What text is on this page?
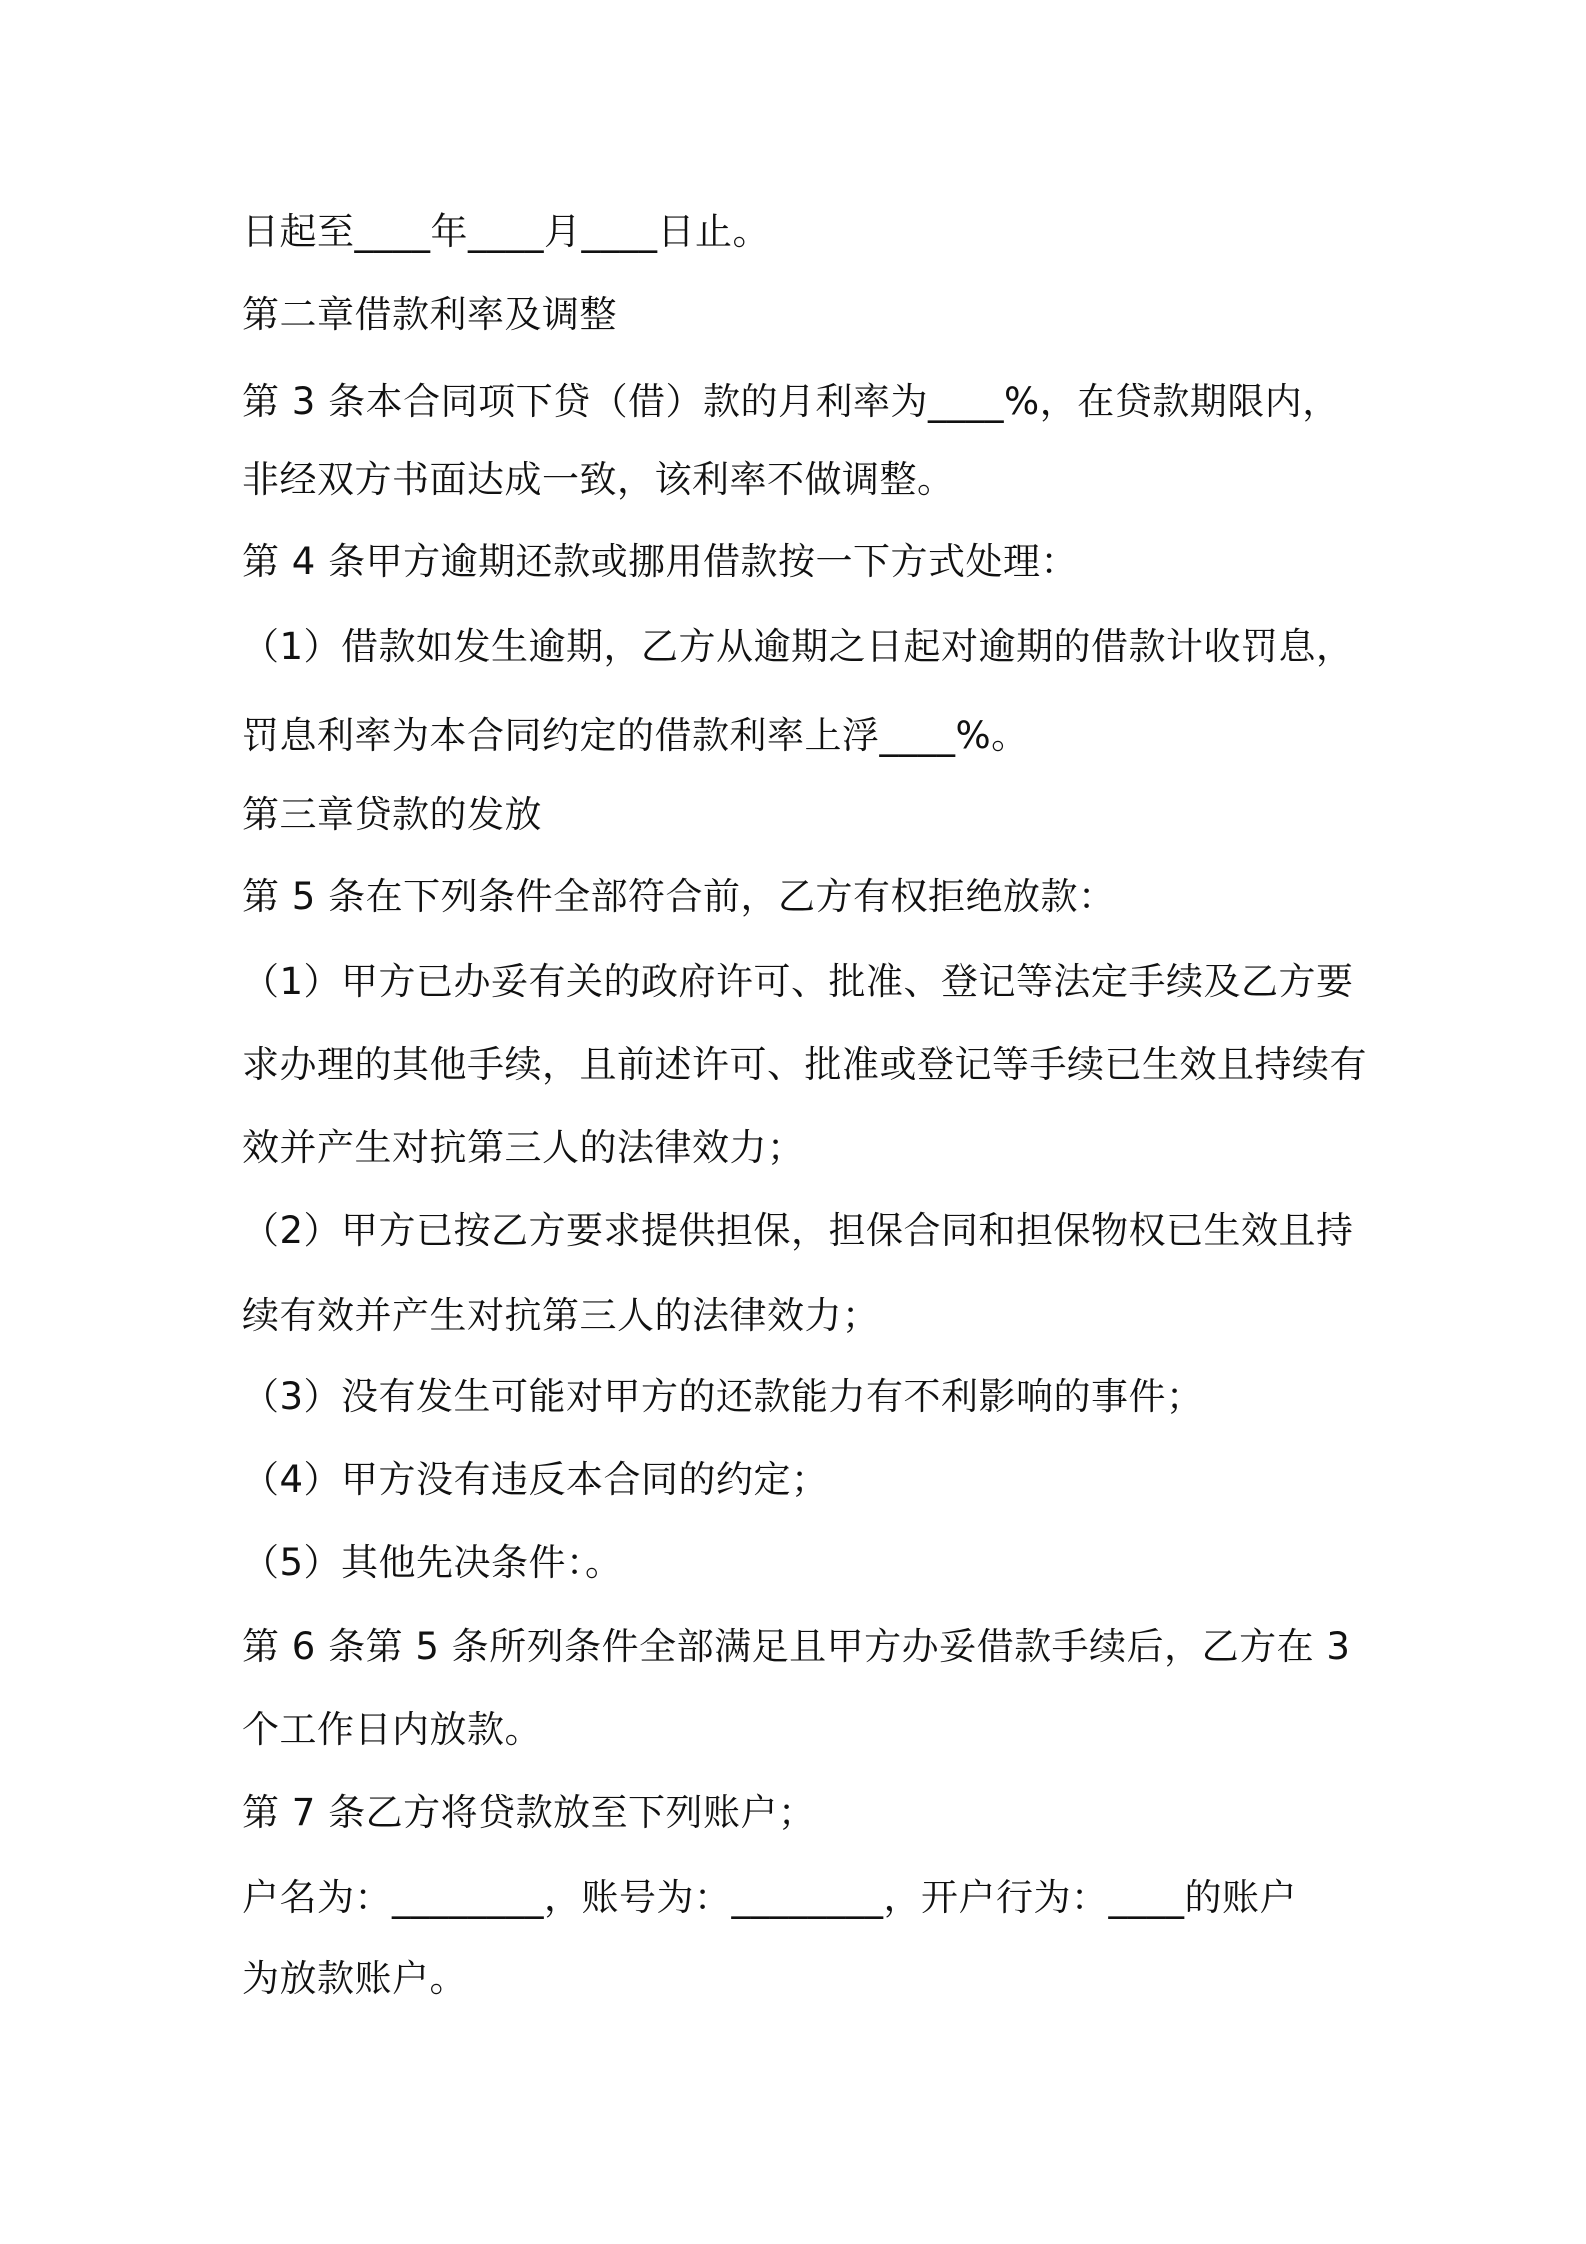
日起至____年____月____日止。

第二章借款利率及调整

第 3 条本合同项下贷（借）款的月利率为____%，在贷款期限内，

非经双方书面达成一致，该利率不做调整。

第 4 条甲方逾期还款或挪用借款按一下方式处理：

（1）借款如发生逾期，乙方从逾期之日起对逾期的借款计收罚息，

罚息利率为本合同约定的借款利率上浮____%。

第三章贷款的发放

第 5 条在下列条件全部符合前，乙方有权拒绝放款：

（1）甲方已办妥有关的政府许可、批准、登记等法定手续及乙方要

求办理的其他手续，且前述许可、批准或登记等手续已生效且持续有

效并产生对抗第三人的法律效力；

（2）甲方已按乙方要求提供担保，担保合同和担保物权已生效且持

续有效并产生对抗第三人的法律效力；

（3）没有发生可能对甲方的还款能力有不利影响的事件；

（4）甲方没有违反本合同的约定；

（5）其他先决条件：。

第 6 条第 5 条所列条件全部满足且甲方办妥借款手续后，乙方在 3

个工作日内放款。

第 7 条乙方将贷款放至下列账户；

户名为：________，账号为：________，开户行为：____的账户

为放款账户。
